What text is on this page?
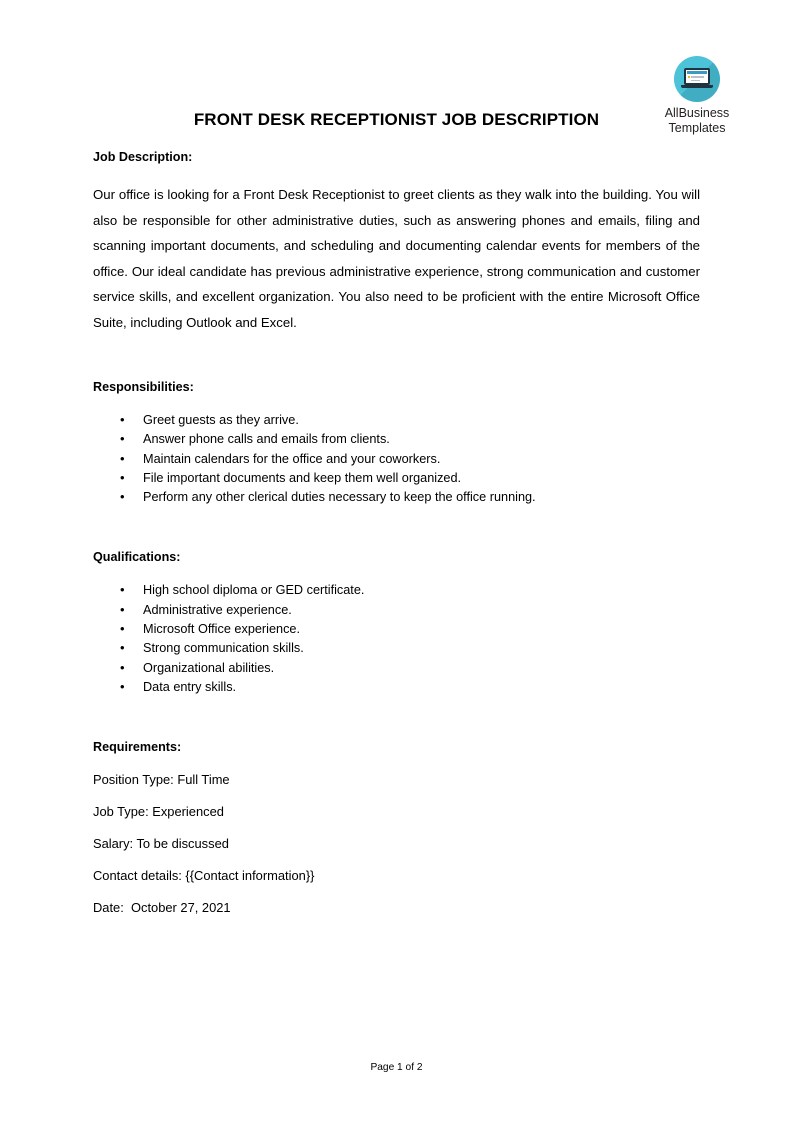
AllBusiness
Templates
FRONT DESK RECEPTIONIST JOB DESCRIPTION

Job Description:

Our office is looking for a Front Desk Receptionist to greet clients as they walk into the building. You will also be responsible for other administrative duties, such as answering phones and emails, filing and scanning important documents, and scheduling and documenting calendar events for members of the office. Our ideal candidate has previous administrative experience, strong communication and customer service skills, and excellent organization. You also need to be proficient with the entire Microsoft Office Suite, including Outlook and Excel.

Responsibilities:

• Greet guests as they arrive.
• Answer phone calls and emails from clients.
• Maintain calendars for the office and your coworkers.
• File important documents and keep them well organized.
• Perform any other clerical duties necessary to keep the office running.

Qualifications:

• High school diploma or GED certificate.
• Administrative experience.
• Microsoft Office experience.
• Strong communication skills.
• Organizational abilities.
• Data entry skills.

Requirements:

Position Type: Full Time

Job Type: Experienced

Salary: To be discussed

Contact details: {{Contact information}}

Date:  October 27, 2021

Page 1 of 2
